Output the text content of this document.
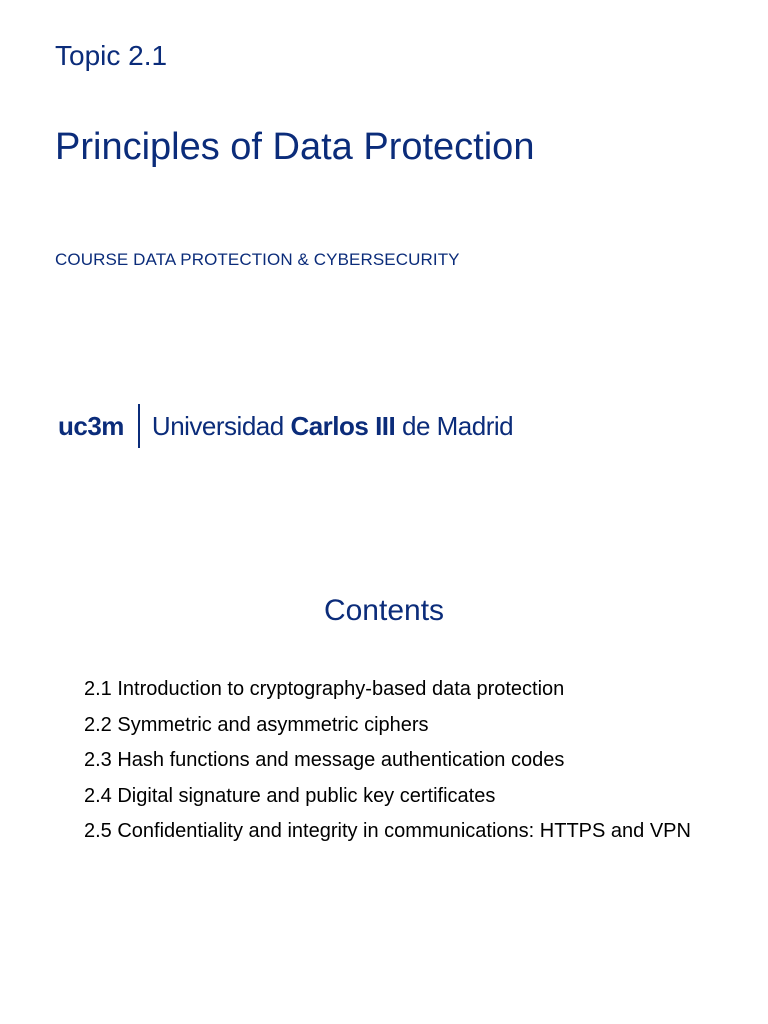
Topic 2.1
Principles of Data Protection
COURSE DATA PROTECTION & CYBERSECURITY
uc3m Universidad Carlos III de Madrid
Contents
2.1 Introduction to cryptography-based data protection
2.2 Symmetric and asymmetric ciphers
2.3 Hash functions and message authentication codes
2.4 Digital signature and public key certificates
2.5 Confidentiality and integrity in communications: HTTPS and VPN
